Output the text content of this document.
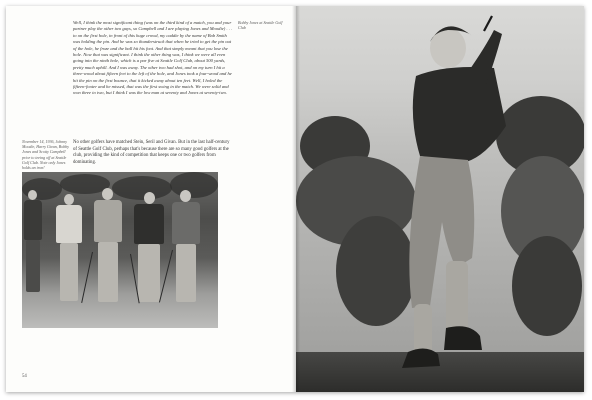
Well, I think the most significant thing (was on the third kind of a match, you and your partner play the other two guys, so Campbell and I are playing Jones and Moodie) . . . to on the first hole, in front of this huge crowd, my caddie by the name of Bob Smith was holding the pin. And he was so thunderstruck that when he tried to get the pin out of the hole, he froze and the ball hit his foot. And that simply meant that you lose the hole. Now that was significant. I think the other thing was, I think we were all even going into the ninth hole, which is a par five at Seattle Golf Club, about 500 yards, pretty much uphill. And I was away. The other two had shot, and on my turn I hit a three-wood about fifteen feet to the left of the hole, and Jones took a four-wood and he hit the pin on the first bounce, that it kicked away about ten feet. Well, I holed the fifteen-footer and he missed, that was the first swing in the match. We were solid and won three to two, but I think I was the low man at seventy and Jones at seventy-two.
Bobby Jones at Seattle Golf Club
November 14, 1936, Johnny Moodie, Harry Givan, Bobby Jones and Scotty Campbell prior to teeing off at Seattle Golf Club. Note only Jones holds an iron!
No other golfers have matched Stein, Seril and Givan. But in the last half-century of Seattle Golf Club, perhaps that's because there are so many good golfers at the club, providing the kind of competition that keeps one or two golfers from dominating.
54
